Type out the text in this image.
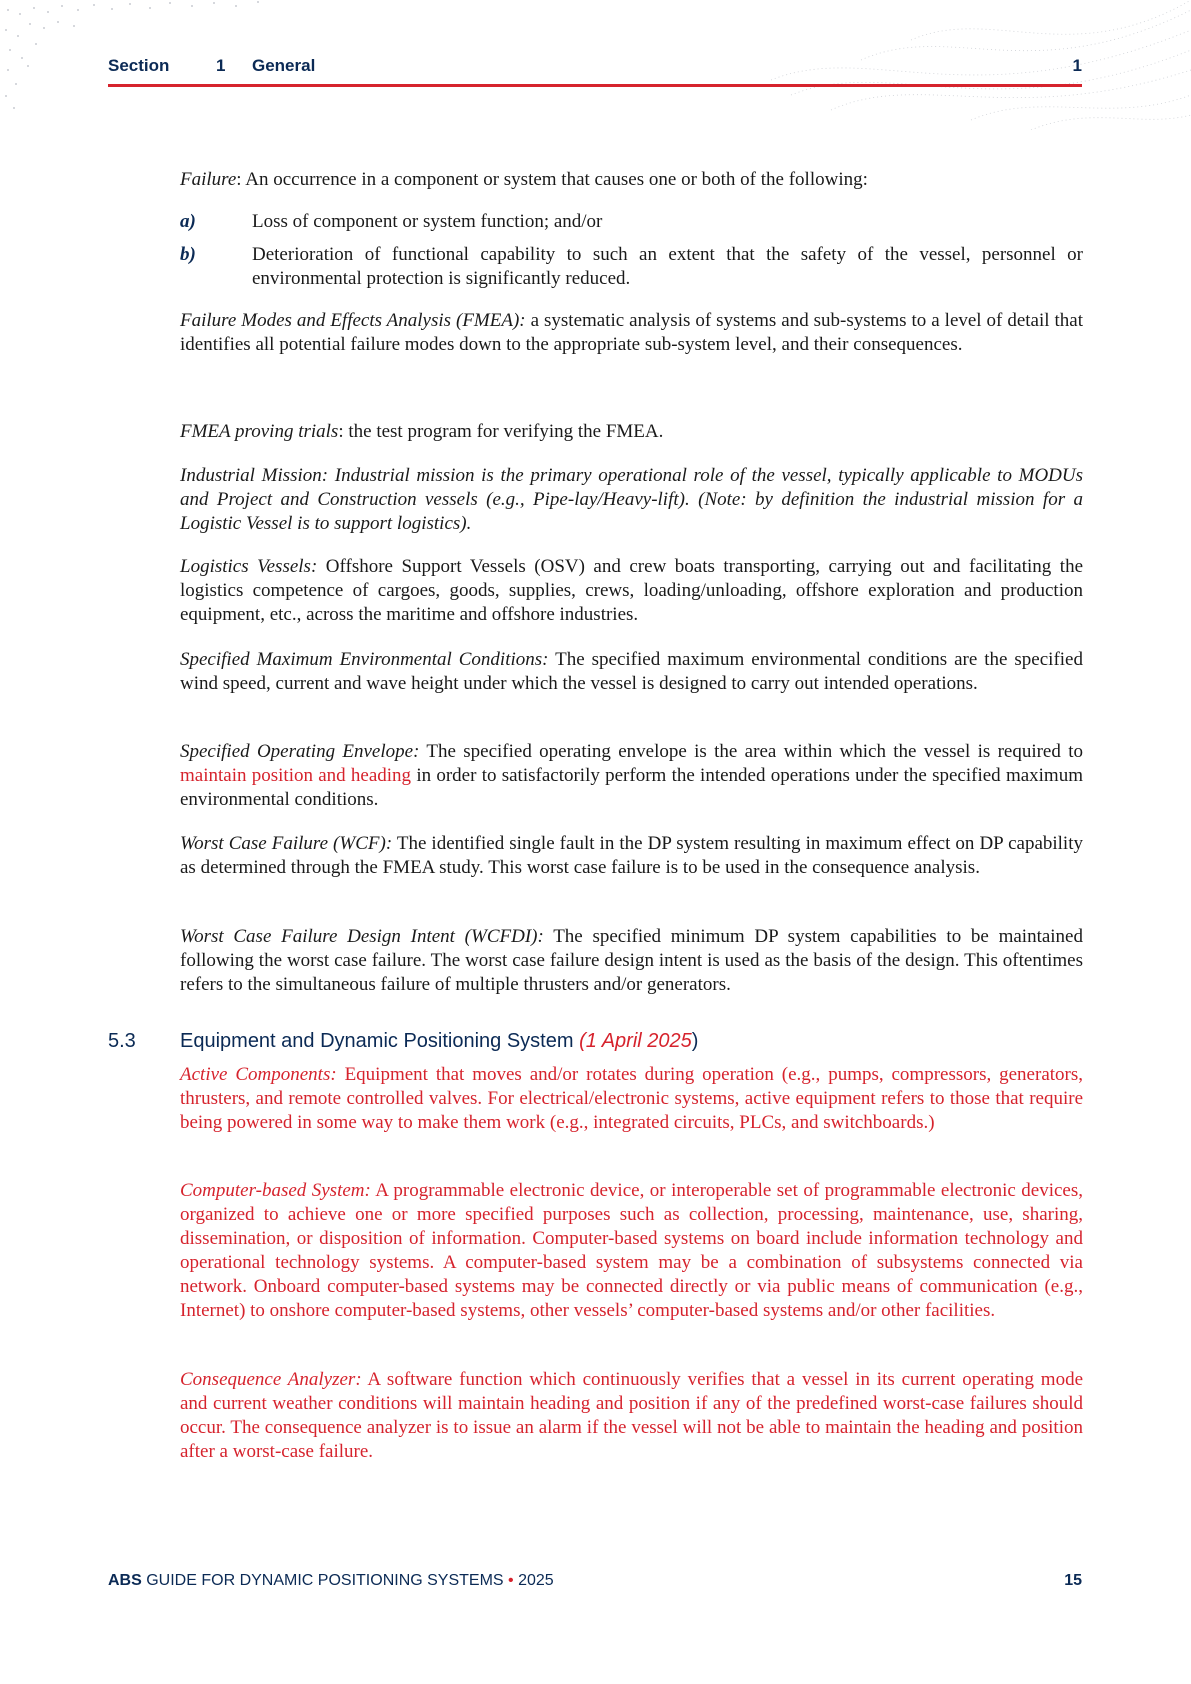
Section	1 General	1

Failure: An occurrence in a component or system that causes one or both of the following:

a)	Loss of component or system function; and/or
b)	Deterioration of functional capability to such an extent that the safety of the vessel, personnel or environmental protection is significantly reduced.

Failure Modes and Effects Analysis (FMEA): a systematic analysis of systems and sub-systems to a level of detail that identifies all potential failure modes down to the appropriate sub-system level, and their consequences.

FMEA proving trials: the test program for verifying the FMEA.

Industrial Mission: Industrial mission is the primary operational role of the vessel, typically applicable to MODUs and Project and Construction vessels (e.g., Pipe-lay/Heavy-lift). (Note: by definition the industrial mission for a Logistic Vessel is to support logistics).

Logistics Vessels: Offshore Support Vessels (OSV) and crew boats transporting, carrying out and facilitating the logistics competence of cargoes, goods, supplies, crews, loading/unloading, offshore exploration and production equipment, etc., across the maritime and offshore industries.

Specified Maximum Environmental Conditions: The specified maximum environmental conditions are the specified wind speed, current and wave height under which the vessel is designed to carry out intended operations.

Specified Operating Envelope: The specified operating envelope is the area within which the vessel is required to maintain position and heading in order to satisfactorily perform the intended operations under the specified maximum environmental conditions.

Worst Case Failure (WCF): The identified single fault in the DP system resulting in maximum effect on DP capability as determined through the FMEA study. This worst case failure is to be used in the consequence analysis.

Worst Case Failure Design Intent (WCFDI): The specified minimum DP system capabilities to be maintained following the worst case failure. The worst case failure design intent is used as the basis of the design. This oftentimes refers to the simultaneous failure of multiple thrusters and/or generators.

5.3 Equipment and Dynamic Positioning System (1 April 2025)

Active Components: Equipment that moves and/or rotates during operation (e.g., pumps, compressors, generators, thrusters, and remote controlled valves. For electrical/electronic systems, active equipment refers to those that require being powered in some way to make them work (e.g., integrated circuits, PLCs, and switchboards.)

Computer-based System: A programmable electronic device, or interoperable set of programmable electronic devices, organized to achieve one or more specified purposes such as collection, processing, maintenance, use, sharing, dissemination, or disposition of information. Computer-based systems on board include information technology and operational technology systems. A computer-based system may be a combination of subsystems connected via network. Onboard computer-based systems may be connected directly or via public means of communication (e.g., Internet) to onshore computer-based systems, other vessels’ computer-based systems and/or other facilities.

Consequence Analyzer: A software function which continuously verifies that a vessel in its current operating mode and current weather conditions will maintain heading and position if any of the predefined worst-case failures should occur. The consequence analyzer is to issue an alarm if the vessel will not be able to maintain the heading and position after a worst-case failure.

ABS GUIDE FOR DYNAMIC POSITIONING SYSTEMS • 2025	15
